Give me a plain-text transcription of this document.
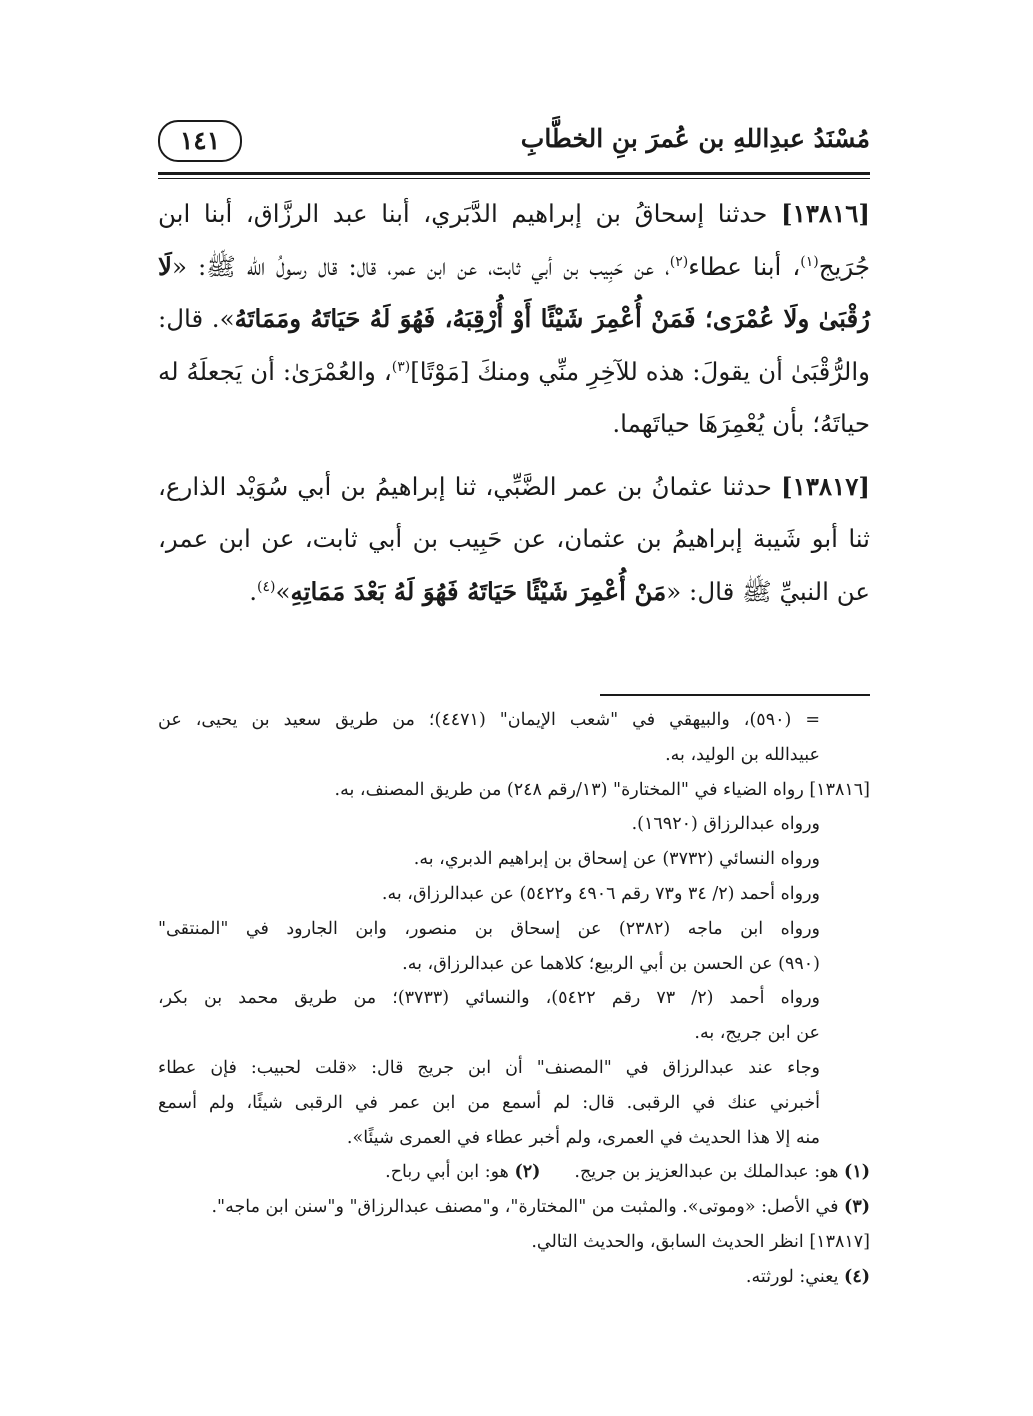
مُسْنَدُ عبدِاللهِ بن عُمرَ بنِ الخطَّابِ
١٤١

[١٣٨١٦] حدثنا إسحاقُ بن إبراهيم الدَّبَري، أبنا عبد الرزَّاق، أبنا ابن جُرَيج$^{(١)}$، أبنا عطاء$^{(٢)}$، عن حَبِيب بن أبي ثابت، عن ابن عمر، قال: قال رسولُ الله ﷺ: «لَا رُقْبَىٰ ولَا عُمْرَى؛ فَمَنْ أُعْمِرَ شَيْئًا أَوْ أُرْقِبَهُ، فَهُوَ لَهُ حَيَاتَهُ ومَمَاتَهُ». قال: والرُّقْبَىٰ أن يقولَ: هذه للآخِرِ منِّي ومنكَ [مَوْتًا]$^{(٣)}$، والعُمْرَىٰ: أن يَجعلَهُ له حياتَهُ؛ بأن يُعْمِرَهَا حياتَهما.

[١٣٨١٧] حدثنا عثمانُ بن عمر الضَّبِّي، ثنا إبراهيمُ بن أبي سُوَيْد الذارع، ثنا أبو شَيبة إبراهيمُ بن عثمان، عن حَبِيب بن أبي ثابت، عن ابن عمر، عن النبيِّ ﷺ قال: «مَنْ أُعْمِرَ شَيْئًا حَيَاتَهُ فَهُوَ لَهُ بَعْدَ مَمَاتِهِ»$^{(٤)}$.

= (٥٩٠)، والبيهقي في "شعب الإيمان" (٤٤٧١)؛ من طريق سعيد بن يحيى، عن
عبيدالله بن الوليد، به.
[١٣٨١٦] رواه الضياء في "المختارة" (١٣/رقم ٢٤٨) من طريق المصنف، به.
ورواه عبدالرزاق (١٦٩٢٠).
ورواه النسائي (٣٧٣٢) عن إسحاق بن إبراهيم الدبري، به.
ورواه أحمد (٢/ ٣٤ و٧٣ رقم ٤٩٠٦ و٥٤٢٢) عن عبدالرزاق، به.
ورواه ابن ماجه (٢٣٨٢) عن إسحاق بن منصور، وابن الجارود في "المنتقى"
(٩٩٠) عن الحسن بن أبي الربيع؛ كلاهما عن عبدالرزاق، به.
ورواه أحمد (٢/ ٧٣ رقم ٥٤٢٢)، والنسائي (٣٧٣٣)؛ من طريق محمد بن بكر،
عن ابن جريج، به.
وجاء عند عبدالرزاق في "المصنف" أن ابن جريج قال: «قلت لحبيب: فإن عطاء
أخبرني عنك في الرقبى. قال: لم أسمع من ابن عمر في الرقبى شيئًا، ولم أسمع
منه إلا هذا الحديث في العمرى، ولم أخبر عطاء في العمرى شيئًا».
(١) هو: عبدالملك بن عبدالعزيز بن جريج.(٢) هو: ابن أبي رباح.
(٣) في الأصل: «وموتى». والمثبت من "المختارة"، و"مصنف عبدالرزاق" و"سنن ابن ماجه".
[١٣٨١٧] انظر الحديث السابق، والحديث التالي.
(٤) يعني: لورثته.
